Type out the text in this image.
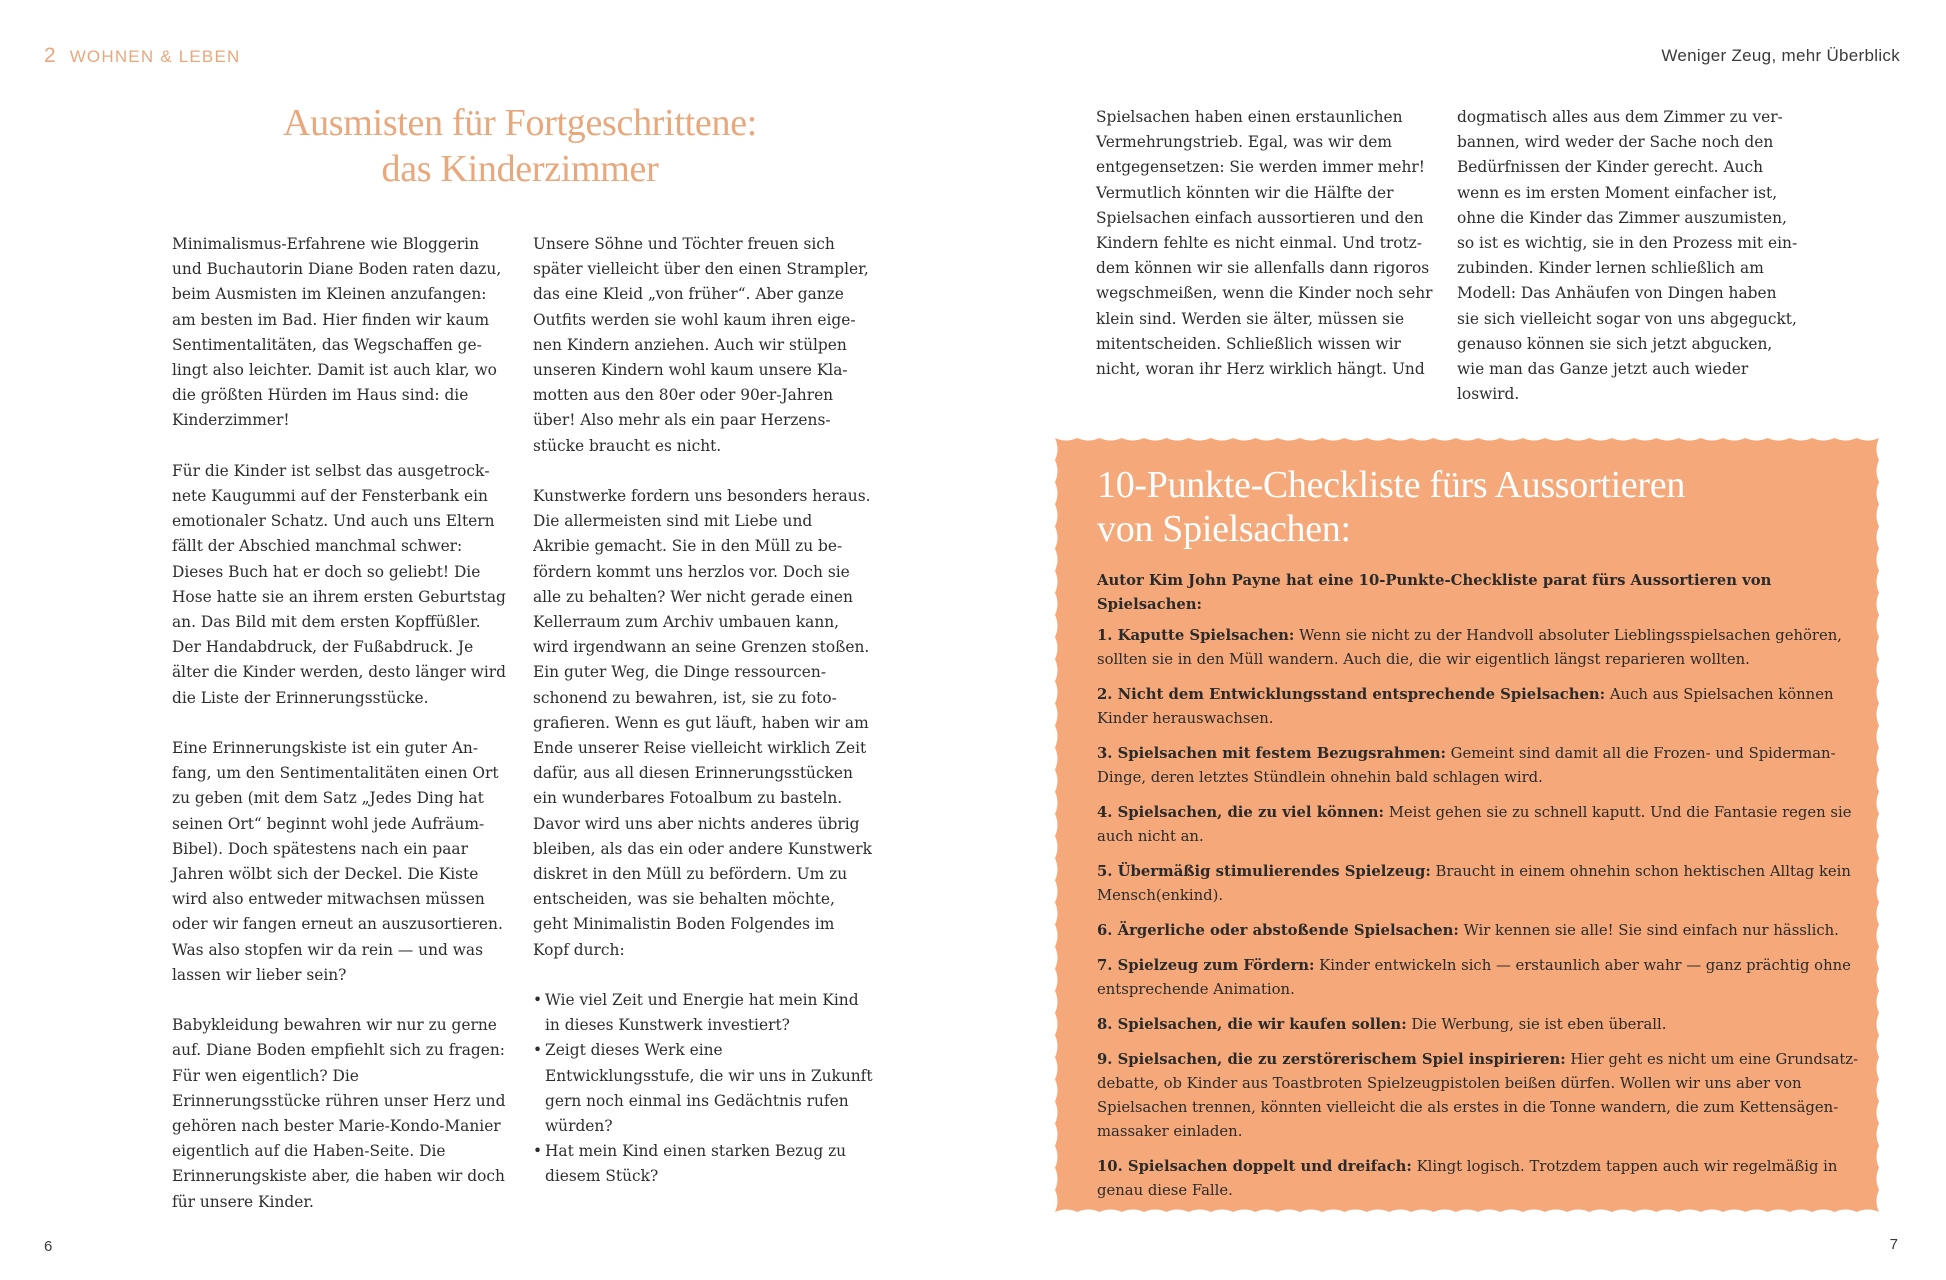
2 WOHNEN & LEBEN	Weniger Zeug, mehr Überblick
Ausmisten für Fortgeschrittene:
das Kinderzimmer

Minimalismus-Erfahrene wie Bloggerin und Buchautorin Diane Boden raten dazu, beim Ausmisten im Kleinen anzufangen: am besten im Bad. Hier finden wir kaum Sentimentalitäten, das Wegschaffen gelingt also leichter. Damit ist auch klar, wo die größten Hürden im Haus sind: die Kinderzimmer!

Für die Kinder ist selbst das ausgetrocknete Kaugummi auf der Fensterbank ein emotionaler Schatz. Und auch uns Eltern fällt der Abschied manchmal schwer: Dieses Buch hat er doch so geliebt! Die Hose hatte sie an ihrem ersten Geburtstag an. Das Bild mit dem ersten Kopffüßler. Der Handabdruck, der Fußabdruck. Je älter die Kinder werden, desto länger wird die Liste der Erinnerungsstücke.

Eine Erinnerungskiste ist ein guter Anfang, um den Sentimentalitäten einen Ort zu geben (mit dem Satz „Jedes Ding hat seinen Ort“ beginnt wohl jede Aufräum-Bibel). Doch spätestens nach ein paar Jahren wölbt sich der Deckel. Die Kiste wird also entweder mitwachsen müssen oder wir fangen erneut an auszusortieren. Was also stopfen wir da rein — und was lassen wir lieber sein?

Babykleidung bewahren wir nur zu gerne auf. Diane Boden empfiehlt sich zu fragen: Für wen eigentlich? Die Erinnerungsstücke rühren unser Herz und gehören nach bester Marie-Kondo-Manier eigentlich auf die Haben-Seite. Die Erinnerungskiste aber, die haben wir doch für unsere Kinder.

Unsere Söhne und Töchter freuen sich später vielleicht über den einen Strampler, das eine Kleid „von früher“. Aber ganze Outfits werden sie wohl kaum ihren eigenen Kindern anziehen. Auch wir stülpen unseren Kindern wohl kaum unsere Klamotten aus den 80er oder 90er-Jahren über! Also mehr als ein paar Herzensstücke braucht es nicht.

Kunstwerke fordern uns besonders heraus. Die allermeisten sind mit Liebe und Akribie gemacht. Sie in den Müll zu befördern kommt uns herzlos vor. Doch sie alle zu behalten? Wer nicht gerade einen Kellerraum zum Archiv umbauen kann, wird irgendwann an seine Grenzen stoßen. Ein guter Weg, die Dinge ressourcenschonend zu bewahren, ist, sie zu fotografieren. Wenn es gut läuft, haben wir am Ende unserer Reise vielleicht wirklich Zeit dafür, aus all diesen Erinnerungsstücken ein wunderbares Fotoalbum zu basteln. Davor wird uns aber nichts anderes übrig bleiben, als das ein oder andere Kunstwerk diskret in den Müll zu befördern. Um zu entscheiden, was sie behalten möchte, geht Minimalistin Boden Folgendes im Kopf durch:

• Wie viel Zeit und Energie hat mein Kind in dieses Kunstwerk investiert?
• Zeigt dieses Werk eine Entwicklungsstufe, die wir uns in Zukunft gern noch einmal ins Gedächtnis rufen würden?
• Hat mein Kind einen starken Bezug zu diesem Stück?

Spielsachen haben einen erstaunlichen Vermehrungstrieb. Egal, was wir dem entgegensetzen: Sie werden immer mehr! Vermutlich könnten wir die Hälfte der Spielsachen einfach aussortieren und den Kindern fehlte es nicht einmal. Und trotzdem können wir sie allenfalls dann rigoros wegschmeißen, wenn die Kinder noch sehr klein sind. Werden sie älter, müssen sie mitentscheiden. Schließlich wissen wir nicht, woran ihr Herz wirklich hängt. Und

dogmatisch alles aus dem Zimmer zu verbannen, wird weder der Sache noch den Bedürfnissen der Kinder gerecht. Auch wenn es im ersten Moment einfacher ist, ohne die Kinder das Zimmer auszumisten, so ist es wichtig, sie in den Prozess mit einzubinden. Kinder lernen schließlich am Modell: Das Anhäufen von Dingen haben sie sich vielleicht sogar von uns abgeguckt, genauso können sie sich jetzt abgucken, wie man das Ganze jetzt auch wieder loswird.

10-Punkte-Checkliste fürs Aussortieren
von Spielsachen:

Autor Kim John Payne hat eine 10-Punkte-Checkliste parat fürs Aussortieren von Spielsachen:

1. Kaputte Spielsachen: Wenn sie nicht zu der Handvoll absoluter Lieblingsspielsachen gehören, sollten sie in den Müll wandern. Auch die, die wir eigentlich längst reparieren wollten.

2. Nicht dem Entwicklungsstand entsprechende Spielsachen: Auch aus Spielsachen können Kinder herauswachsen.

3. Spielsachen mit festem Bezugsrahmen: Gemeint sind damit all die Frozen- und Spiderman-Dinge, deren letztes Stündlein ohnehin bald schlagen wird.

4. Spielsachen, die zu viel können: Meist gehen sie zu schnell kaputt. Und die Fantasie regen sie auch nicht an.

5. Übermäßig stimulierendes Spielzeug: Braucht in einem ohnehin schon hektischen Alltag kein Mensch(enkind).

6. Ärgerliche oder abstoßende Spielsachen: Wir kennen sie alle! Sie sind einfach nur hässlich.

7. Spielzeug zum Fördern: Kinder entwickeln sich — erstaunlich aber wahr — ganz prächtig ohne entsprechende Animation.

8. Spielsachen, die wir kaufen sollen: Die Werbung, sie ist eben überall.

9. Spielsachen, die zu zerstörerischem Spiel inspirieren: Hier geht es nicht um eine Grundsatzdebatte, ob Kinder aus Toastbroten Spielzeugpistolen beißen dürfen. Wollen wir uns aber von Spielsachen trennen, könnten vielleicht die als erstes in die Tonne wandern, die zum Kettensägenmassaker einladen.

10. Spielsachen doppelt und dreifach: Klingt logisch. Trotzdem tappen auch wir regelmäßig in genau diese Falle.

6	7
